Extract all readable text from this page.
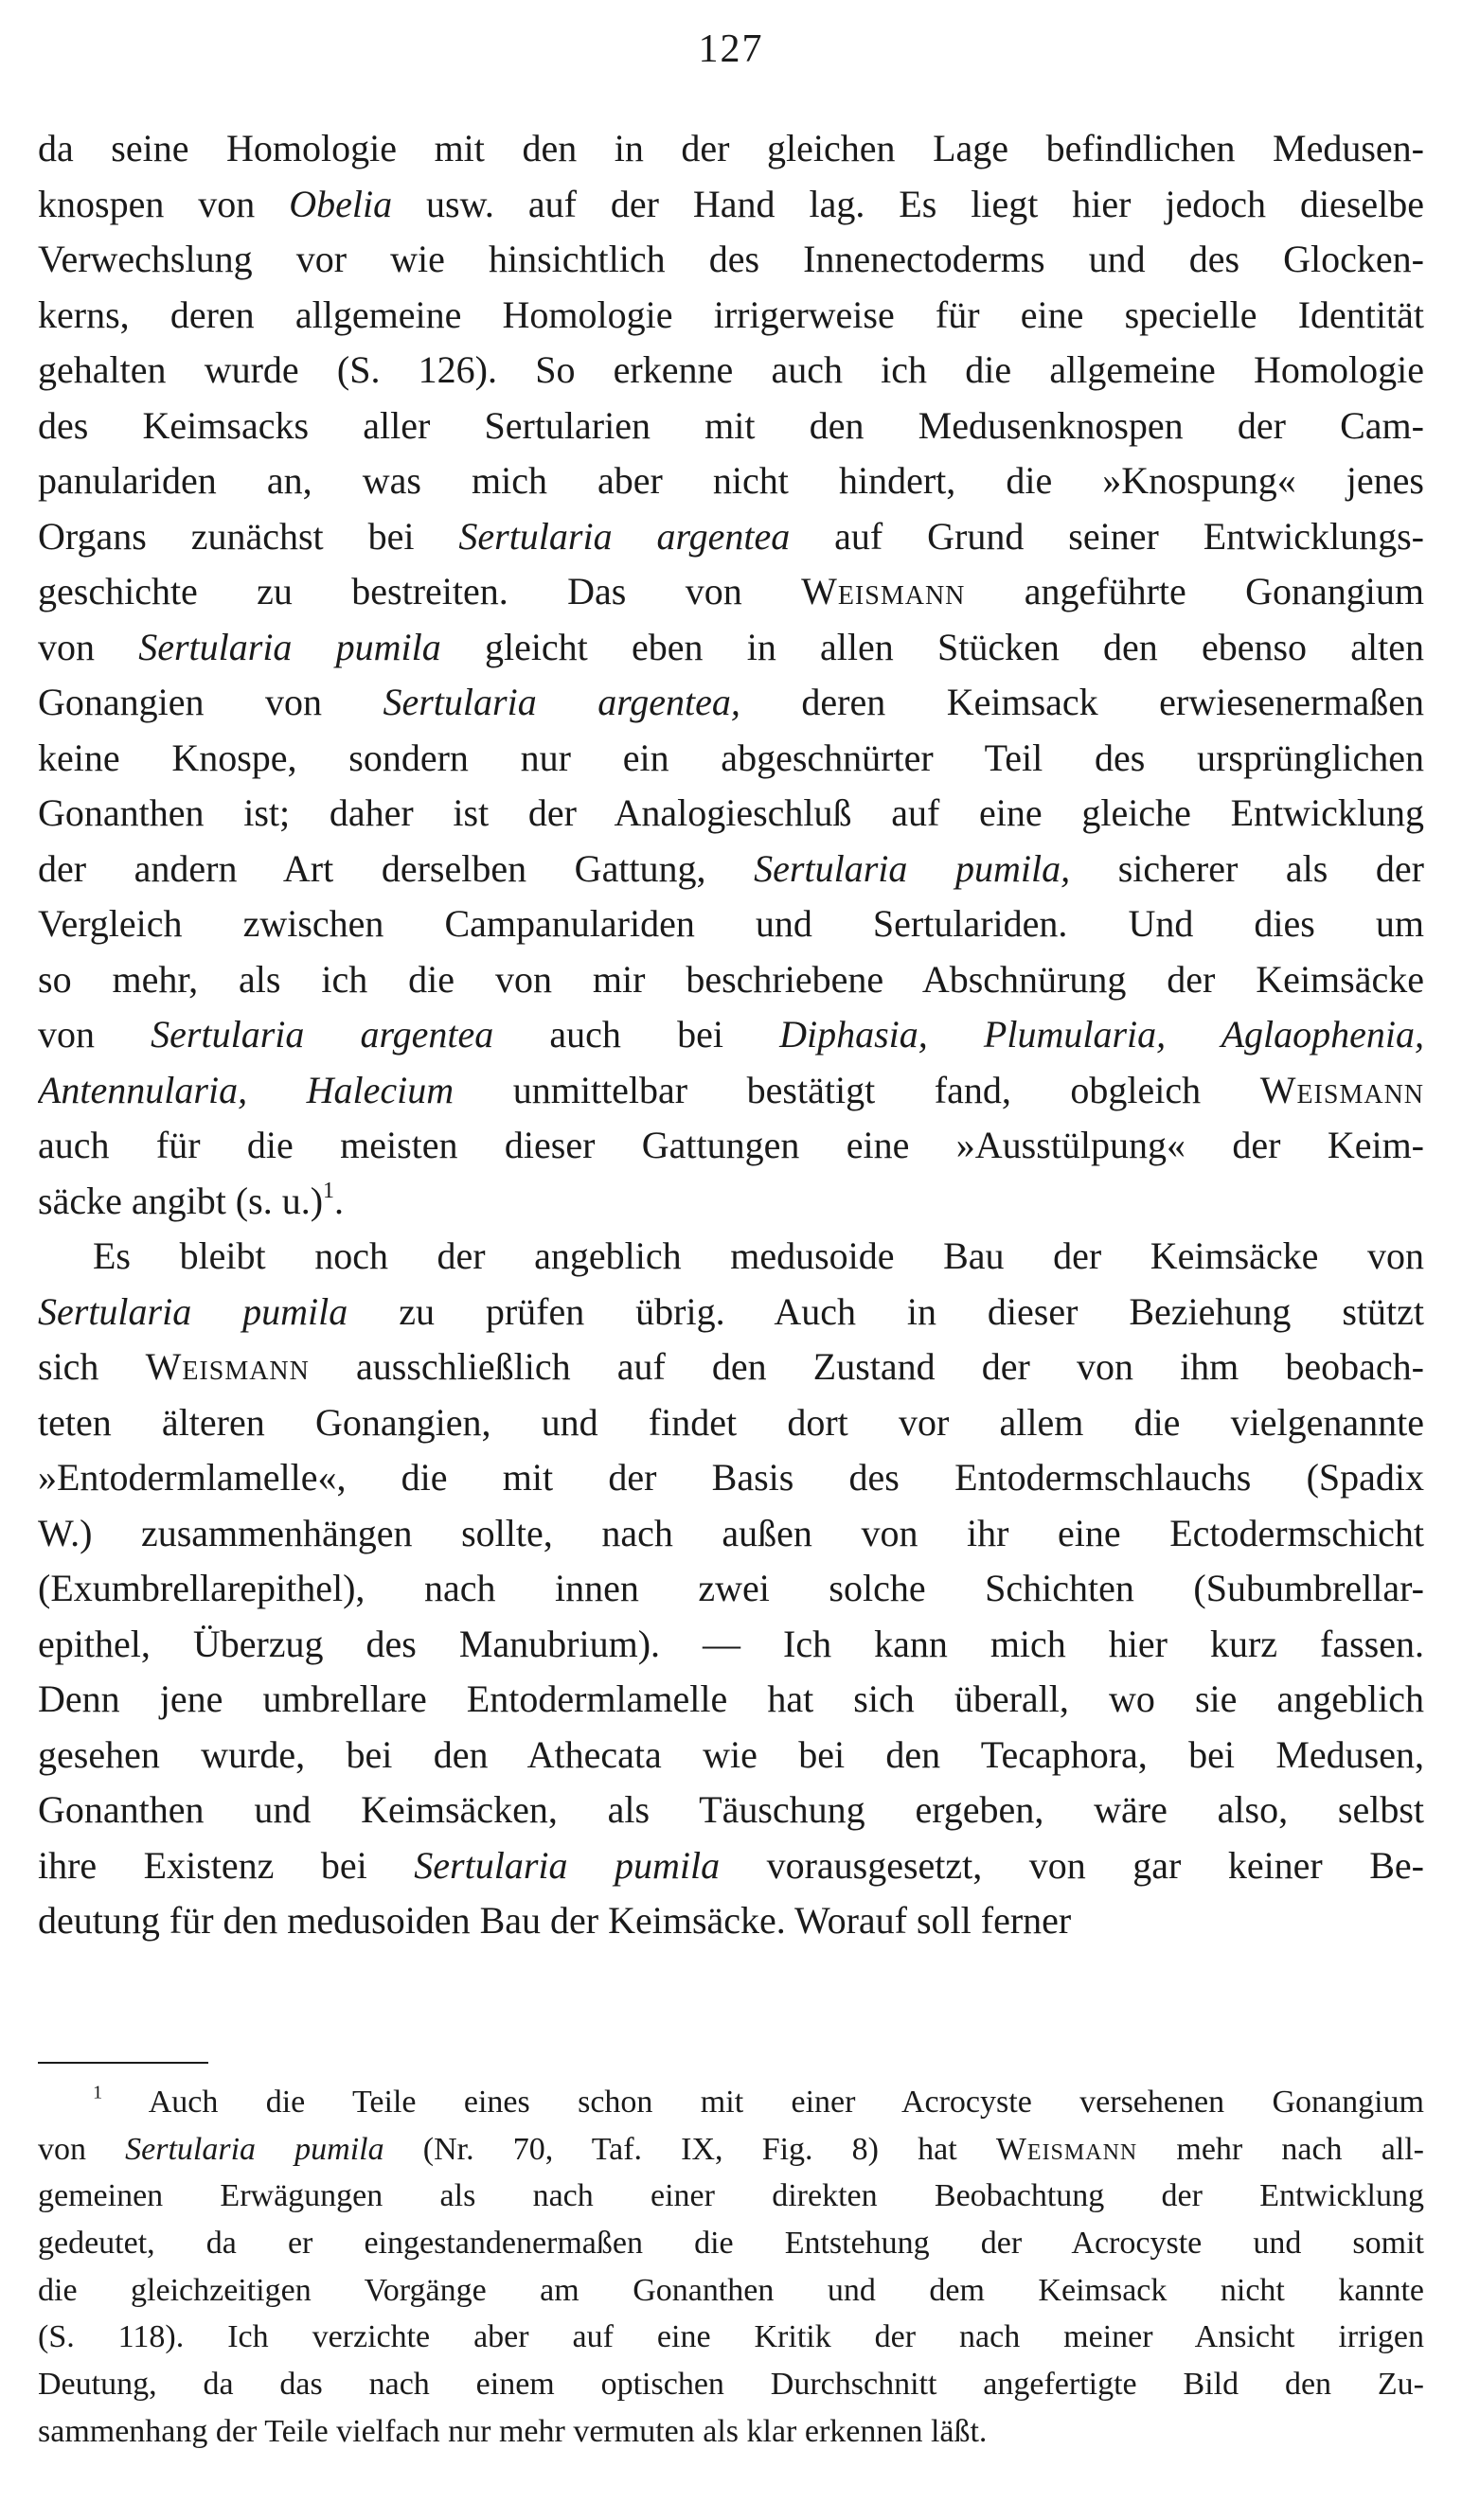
127
da seine Homologie mit den in der gleichen Lage befindlichen Medusen-
knospen von Obelia usw. auf der Hand lag. Es liegt hier jedoch dieselbe
Verwechslung vor wie hinsichtlich des Innenectoderms und des Glocken-
kerns, deren allgemeine Homologie irrigerweise für eine specielle Identität
gehalten wurde (S. 126). So erkenne auch ich die allgemeine Homologie
des Keimsacks aller Sertularien mit den Medusenknospen der Cam-
panulariden an, was mich aber nicht hindert, die »Knospung« jenes
Organs zunächst bei Sertularia argentea auf Grund seiner Entwicklungs-
geschichte zu bestreiten. Das von Weismann angeführte Gonangium
von Sertularia pumila gleicht eben in allen Stücken den ebenso alten
Gonangien von Sertularia argentea, deren Keimsack erwiesenermaßen
keine Knospe, sondern nur ein abgeschnürter Teil des ursprünglichen
Gonanthen ist; daher ist der Analogieschluß auf eine gleiche Entwicklung
der andern Art derselben Gattung, Sertularia pumila, sicherer als der
Vergleich zwischen Campanulariden und Sertulariden. Und dies um
so mehr, als ich die von mir beschriebene Abschnürung der Keimsäcke
von Sertularia argentea auch bei Diphasia, Plumularia, Aglaophenia,
Antennularia, Halecium unmittelbar bestätigt fand, obgleich Weismann
auch für die meisten dieser Gattungen eine »Ausstülpung« der Keim-
säcke angibt (s. u.)$^1$.
Es bleibt noch der angeblich medusoide Bau der Keimsäcke von
Sertularia pumila zu prüfen übrig. Auch in dieser Beziehung stützt
sich Weismann ausschließlich auf den Zustand der von ihm beobach-
teten älteren Gonangien, und findet dort vor allem die vielgenannte
»Entodermlamelle«, die mit der Basis des Entodermschlauchs (Spadix
W.) zusammenhängen sollte, nach außen von ihr eine Ectodermschicht
(Exumbrellarepithel), nach innen zwei solche Schichten (Subumbrellar-
epithel, Überzug des Manubrium). — Ich kann mich hier kurz fassen.
Denn jene umbrellare Entodermlamelle hat sich überall, wo sie angeblich
gesehen wurde, bei den Athecata wie bei den Tecaphora, bei Medusen,
Gonanthen und Keimsäcken, als Täuschung ergeben, wäre also, selbst
ihre Existenz bei Sertularia pumila vorausgesetzt, von gar keiner Be-
deutung für den medusoiden Bau der Keimsäcke. Worauf soll ferner
$^1$ Auch die Teile eines schon mit einer Acrocyste versehenen Gonangium
von Sertularia pumila (Nr. 70, Taf. IX, Fig. 8) hat Weismann mehr nach all-
gemeinen Erwägungen als nach einer direkten Beobachtung der Entwicklung
gedeutet, da er eingestandenermaßen die Entstehung der Acrocyste und somit
die gleichzeitigen Vorgänge am Gonanthen und dem Keimsack nicht kannte
(S. 118). Ich verzichte aber auf eine Kritik der nach meiner Ansicht irrigen
Deutung, da das nach einem optischen Durchschnitt angefertigte Bild den Zu-
sammenhang der Teile vielfach nur mehr vermuten als klar erkennen läßt.
